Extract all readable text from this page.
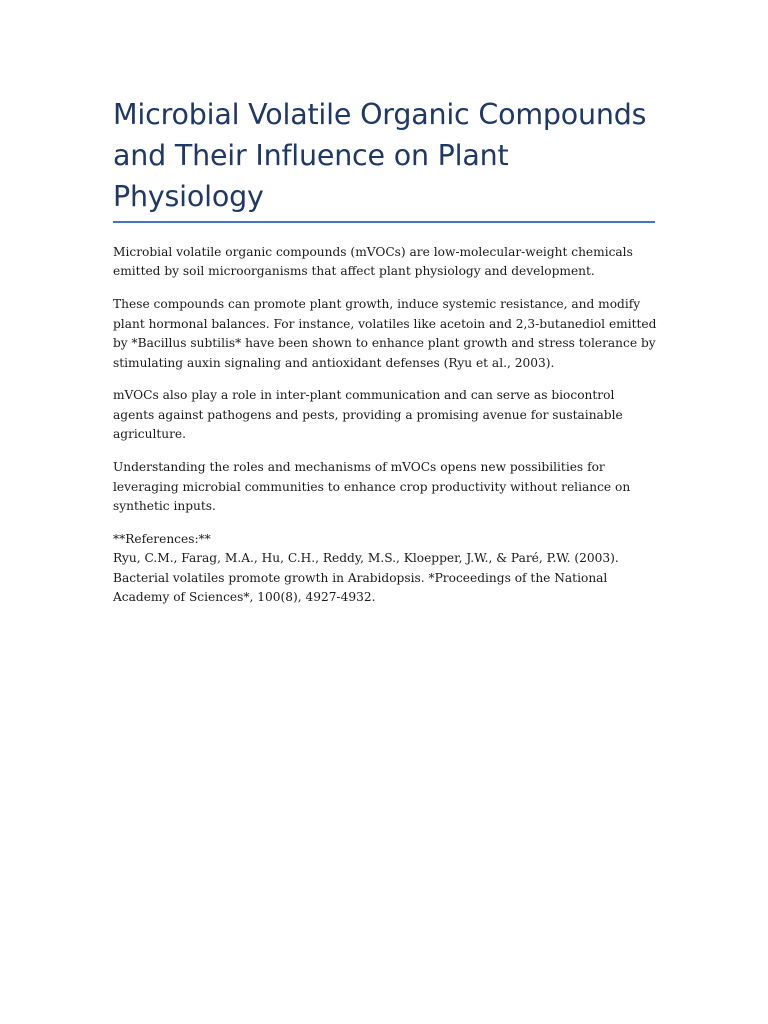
Microbial Volatile Organic Compounds
and Their Influence on Plant Physiology

Microbial volatile organic compounds (mVOCs) are low-molecular-weight chemicals emitted by soil microorganisms that affect plant physiology and development.

These compounds can promote plant growth, induce systemic resistance, and modify plant hormonal balances. For instance, volatiles like acetoin and 2,3-butanediol emitted by *Bacillus subtilis* have been shown to enhance plant growth and stress tolerance by stimulating auxin signaling and antioxidant defenses (Ryu et al., 2003).

mVOCs also play a role in inter-plant communication and can serve as biocontrol agents against pathogens and pests, providing a promising avenue for sustainable agriculture.

Understanding the roles and mechanisms of mVOCs opens new possibilities for leveraging microbial communities to enhance crop productivity without reliance on synthetic inputs.

**References:**
Ryu, C.M., Farag, M.A., Hu, C.H., Reddy, M.S., Kloepper, J.W., & Paré, P.W. (2003). Bacterial volatiles promote growth in Arabidopsis. *Proceedings of the National Academy of Sciences*, 100(8), 4927-4932.
